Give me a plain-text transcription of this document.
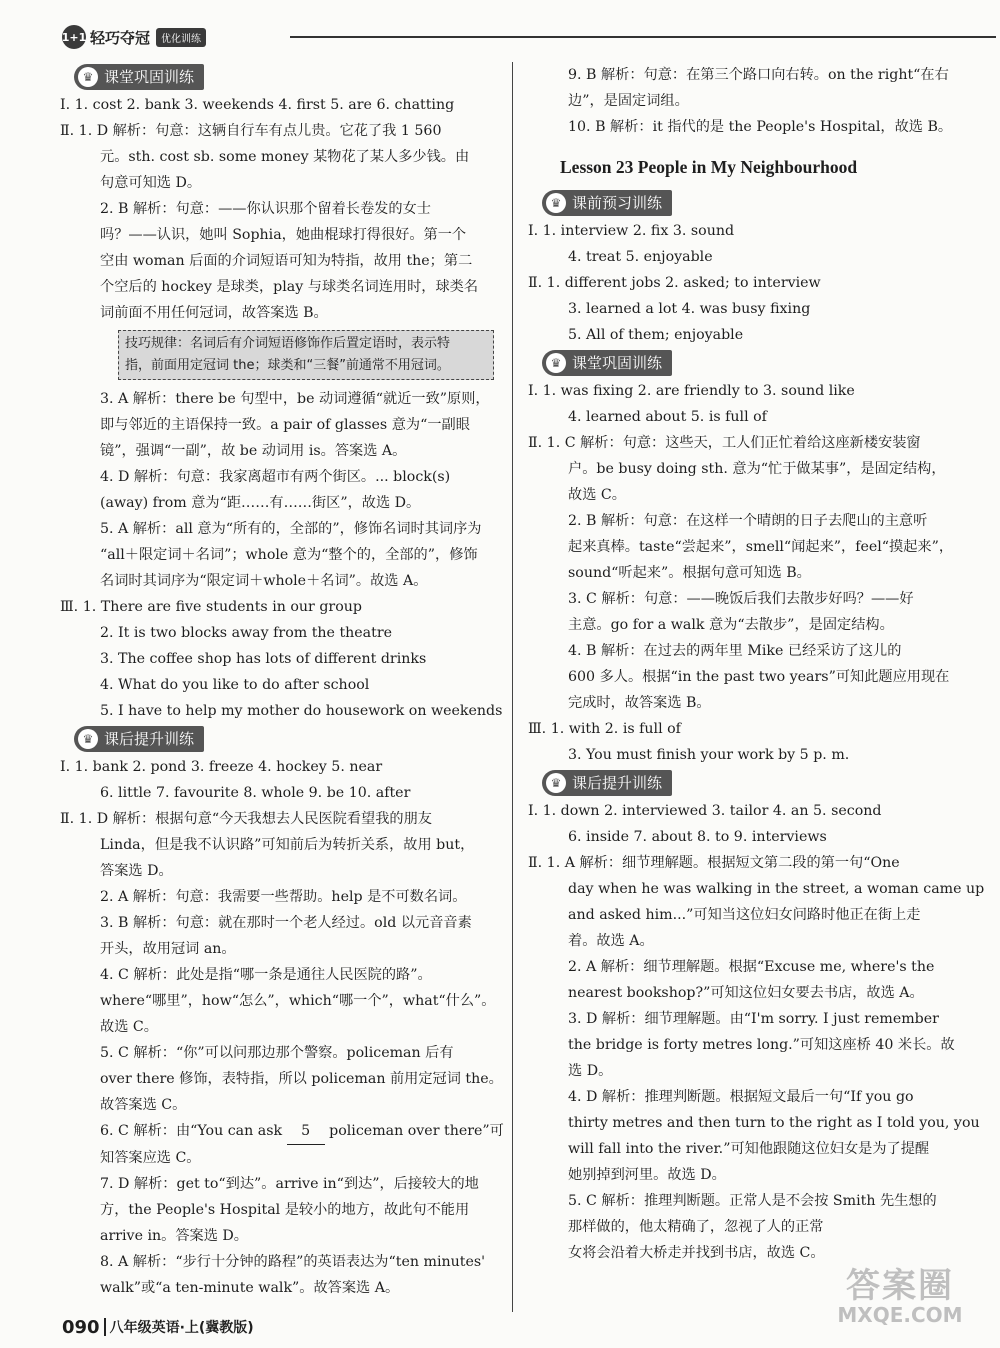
1+1 轻巧夺冠	优化训练
♛ 课堂巩固训练
Ⅰ. 1. cost 2. bank 3. weekends 4. first 5. are 6. chatting
Ⅱ. 1. D 解析：句意：这辆自行车有点儿贵。它花了我 1 560
元。sth. cost sb. some money 某物花了某人多少钱。由
句意可知选 D。
2. B 解析：句意：——你认识那个留着长卷发的女士
吗？——认识，她叫 Sophia，她曲棍球打得很好。第一个
空由 woman 后面的介词短语可知为特指，故用 the；第二
个空后的 hockey 是球类，play 与球类名词连用时，球类名
词前面不用任何冠词，故答案选 B。
技巧规律：名词后有介词短语修饰作后置定语时，表示特
指，前面用定冠词 the；球类和“三餐”前通常不用冠词。
3. A 解析：there be 句型中，be 动词遵循“就近一致”原则，
即与邻近的主语保持一致。a pair of glasses 意为“一副眼
镜”，强调“一副”，故 be 动词用 is。答案选 A。
4. D 解析：句意：我家离超市有两个街区。... block(s)
(away) from 意为“距……有……街区”，故选 D。
5. A 解析：all 意为“所有的，全部的”，修饰名词时其词序为
“all＋限定词＋名词”；whole 意为“整个的，全部的”，修饰
名词时其词序为“限定词＋whole＋名词”。故选 A。
Ⅲ. 1. There are five students in our group
2. It is two blocks away from the theatre
3. The coffee shop has lots of different drinks
4. What do you like to do after school
5. I have to help my mother do housework on weekends
♛ 课后提升训练
Ⅰ. 1. bank 2. pond 3. freeze 4. hockey 5. near
6. little 7. favourite 8. whole 9. be 10. after
Ⅱ. 1. D 解析：根据句意“今天我想去人民医院看望我的朋友
Linda，但是我不认识路”可知前后为转折关系，故用 but，
答案选 D。
2. A 解析：句意：我需要一些帮助。help 是不可数名词。
3. B 解析：句意：就在那时一个老人经过。old 以元音音素
开头，故用冠词 an。
4. C 解析：此处是指“哪一条是通往人民医院的路”。
where“哪里”，how“怎么”，which“哪一个”，what“什么”。
故选 C。
5. C 解析：“你”可以问那边那个警察。policeman 后有
over there 修饰，表特指，所以 policeman 前用定冠词 the。
故答案选 C。
6. C 解析：由“You can ask 5 policeman over there”可
知答案应选 C。
7. D 解析：get to“到达”。arrive in“到达”，后接较大的地
方，the People's Hospital 是较小的地方，故此句不能用
arrive in。答案选 D。
8. A 解析：“步行十分钟的路程”的英语表达为“ten minutes'
walk”或“a ten-minute walk”。故答案选 A。
9. B 解析：句意：在第三个路口向右转。on the right“在右
边”，是固定词组。
10. B 解析：it 指代的是 the People's Hospital，故选 B。
Lesson 23 People in My Neighbourhood
♛ 课前预习训练
Ⅰ. 1. interview 2. fix 3. sound
4. treat 5. enjoyable
Ⅱ. 1. different jobs 2. asked; to interview
3. learned a lot 4. was busy fixing
5. All of them; enjoyable
♛ 课堂巩固训练
Ⅰ. 1. was fixing 2. are friendly to 3. sound like
4. learned about 5. is full of
Ⅱ. 1. C 解析：句意：这些天，工人们正忙着给这座新楼安装窗
户。be busy doing sth. 意为“忙于做某事”，是固定结构，
故选 C。
2. B 解析：句意：在这样一个晴朗的日子去爬山的主意听
起来真棒。taste“尝起来”，smell“闻起来”，feel“摸起来”，
sound“听起来”。根据句意可知选 B。
3. C 解析：句意：——晚饭后我们去散步好吗？——好
主意。go for a walk 意为“去散步”，是固定结构。
4. B 解析：在过去的两年里 Mike 已经采访了这儿的
600 多人。根据“in the past two years”可知此题应用现在
完成时，故答案选 B。
Ⅲ. 1. with 2. is full of
3. You must finish your work by 5 p. m.
♛ 课后提升训练
Ⅰ. 1. down 2. interviewed 3. tailor 4. an 5. second
6. inside 7. about 8. to 9. interviews
Ⅱ. 1. A 解析：细节理解题。根据短文第二段的第一句“One
day when he was walking in the street, a woman came up
and asked him...”可知当这位妇女问路时他正在街上走
着。故选 A。
2. A 解析：细节理解题。根据“Excuse me, where's the
nearest bookshop?”可知这位妇女要去书店，故选 A。
3. D 解析：细节理解题。由“I'm sorry. I just remember
the bridge is forty metres long.”可知这座桥 40 米长。故
选 D。
4. D 解析：推理判断题。根据短文最后一句“If you go
thirty metres and then turn to the right as I told you, you
will fall into the river.”可知他跟随这位妇女是为了提醒
她别掉到河里。故选 D。
5. C 解析：推理判断题。正常人是不会按 Smith 先生想的
那样做的，他太精确了，忽视了人的正常
女将会沿着大桥走并找到书店，故选 C。
090 八年级英语·上(冀教版)
答案圈
MXQE.COM
